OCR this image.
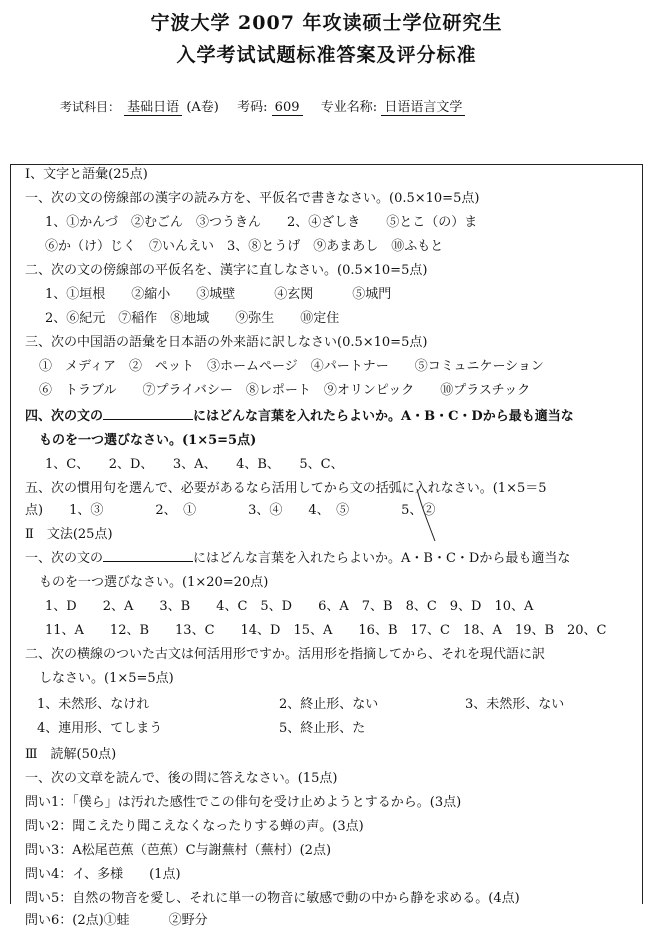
宁波大学 2007 年攻读硕士学位研究生
入学考试试题标准答案及评分标准
考试科目： 基础日语 (A卷) 考码: 609 专业名称: 日语语言文学
Ⅰ、文字と語彙(25点)
一、次の文の傍線部の漢字の読み方を、平仮名で書きなさい。(0.5×10=5点)
1、①かんづ　②むごん　③つうきん　　2、④ざしき　　⑤とこ（の）ま
⑥か（け）じく　⑦いんえい　3、⑧とうげ　⑨あまあし　⑩ふもと
二、次の文の傍線部の平仮名を、漢字に直しなさい。(0.5×10=5点)
1、①垣根　　②縮小　　③城壁　　　④玄関　　　⑤城門
2、⑥紀元　⑦稲作　⑧地域　　⑨弥生　　⑩定住
三、次の中国語の語彙を日本語の外来語に訳しなさい(0.5×10=5点)
①　メディア　②　ペット　③ホームページ　④パートナー　　⑤コミュニケーション
⑥　トラブル　　⑦プライバシー　⑧レポート　⑨オリンピック　　⑩プラスチック
四、次の文の	にはどんな言葉を入れたらよいか。A・B・C・Dから最も適当な
ものを一つ選びなさい。(1×5=5点)
1、C、　　2、D、　　3、A、　　4、B、　　5、C、
五、次の慣用句を選んで、必要があるなら活用してから文の括弧に入れなさい。(1×5＝5
点)　　1、③　　　　2、　①　　　　3、④　　4、　⑤　　　　5、②
Ⅱ　文法(25点)
一、次の文の	にはどんな言葉を入れたらよいか。A・B・C・Dから最も適当な
ものを一つ選びなさい。(1×20=20点)
1、D　　2、A　　3、B　　4、C　5、D　　6、A　7、B　8、C　9、D　10、A
11、A　　12、B　　13、C　　14、D　15、A　　16、B　17、C　18、A　19、B　20、C
二、次の横線のついた古文は何活用形ですか。活用形を指摘してから、それを現代語に訳
しなさい。(1×5=5点)
1、未然形、なけれ	2、終止形、ない	3、未然形、ない
4、連用形、てしまう	5、終止形、た
Ⅲ　読解(50点)
一、次の文章を読んで、後の問に答えなさい。(15点)
問い1：「僕ら」は汚れた感性でこの俳句を受け止めようとするから。(3点)
問い2：聞こえたり聞こえなくなったりする蝉の声。(3点)
問い3：A松尾芭蕉（芭蕉）C与謝蕪村（蕪村）(2点)
問い4：イ、多様　　(1点)
問い5：自然の物音を愛し、それに単一の物音に敏感で動の中から静を求める。(4点)
問い6：(2点)①蛙　　　②野分
